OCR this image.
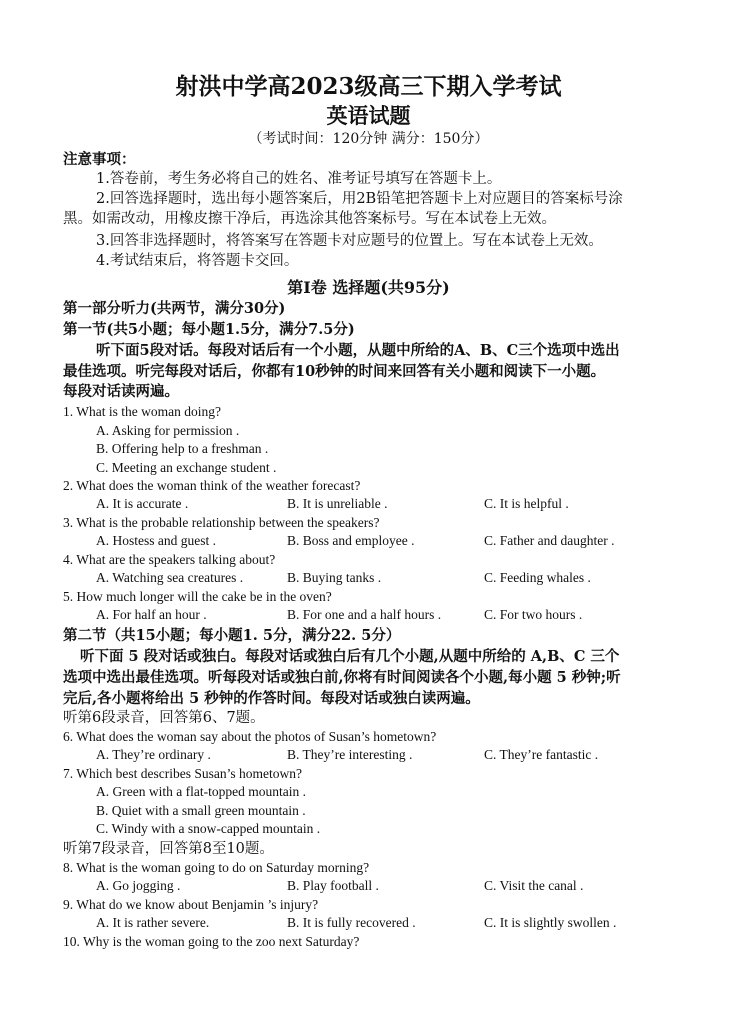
射洪中学高2023级高三下期入学考试
英语试题
（考试时间：120分钟 满分：150分）
注意事项：
1.答卷前，考生务必将自己的姓名、准考证号填写在答题卡上。
2.回答选择题时，选出每小题答案后，用2B铅笔把答题卡上对应题目的答案标号涂
黑。如需改动，用橡皮擦干净后，再选涂其他答案标号。写在本试卷上无效。
3.回答非选择题时，将答案写在答题卡对应题号的位置上。写在本试卷上无效。
4.考试结束后，将答题卡交回。
第I卷 选择题(共95分)
第一部分听力(共两节，满分30分)
第一节(共5小题；每小题1.5分，满分7.5分)
听下面5段对话。每段对话后有一个小题，从题中所给的A、B、C三个选项中选出
最佳选项。听完每段对话后，你都有10秒钟的时间来回答有关小题和阅读下一小题。
每段对话读两遍。
1. What is the woman doing?
A. Asking for permission .
B. Offering help to a freshman .
C. Meeting an exchange student .
2. What does the woman think of the weather forecast?
A. It is accurate .	B. It is unreliable .	C. It is helpful .
3. What is the probable relationship between the speakers?
A. Hostess and guest .	B. Boss and employee .	C. Father and daughter .
4. What are the speakers talking about?
A. Watching sea creatures .	B. Buying tanks .	C. Feeding whales .
5. How much longer will the cake be in the oven?
A. For half an hour .	B. For one and a half hours .	C. For two hours .
第二节（共15小题；每小题1. 5分，满分22. 5分）
听下面 5 段对话或独白。每段对话或独白后有几个小题,从题中所给的 A,B、C 三个
选项中选出最佳选项。听每段对话或独白前,你将有时间阅读各个小题,每小题 5 秒钟;听
完后,各小题将给出 5 秒钟的作答时间。每段对话或独白读两遍。
听第6段录音，回答第6、7题。
6. What does the woman say about the photos of Susan’s hometown?
A. They’re ordinary .	B. They’re interesting .	C. They’re fantastic .
7. Which best describes Susan’s hometown?
A. Green with a flat-topped mountain .
B. Quiet with a small green mountain .
C. Windy with a snow-capped mountain .
听第7段录音，回答第8至10题。
8. What is the woman going to do on Saturday morning?
A. Go jogging .	B. Play football .	C. Visit the canal .
9. What do we know about Benjamin ’s injury?
A. It is rather severe.	B. It is fully recovered .	C. It is slightly swollen .
10. Why is the woman going to the zoo next Saturday?
